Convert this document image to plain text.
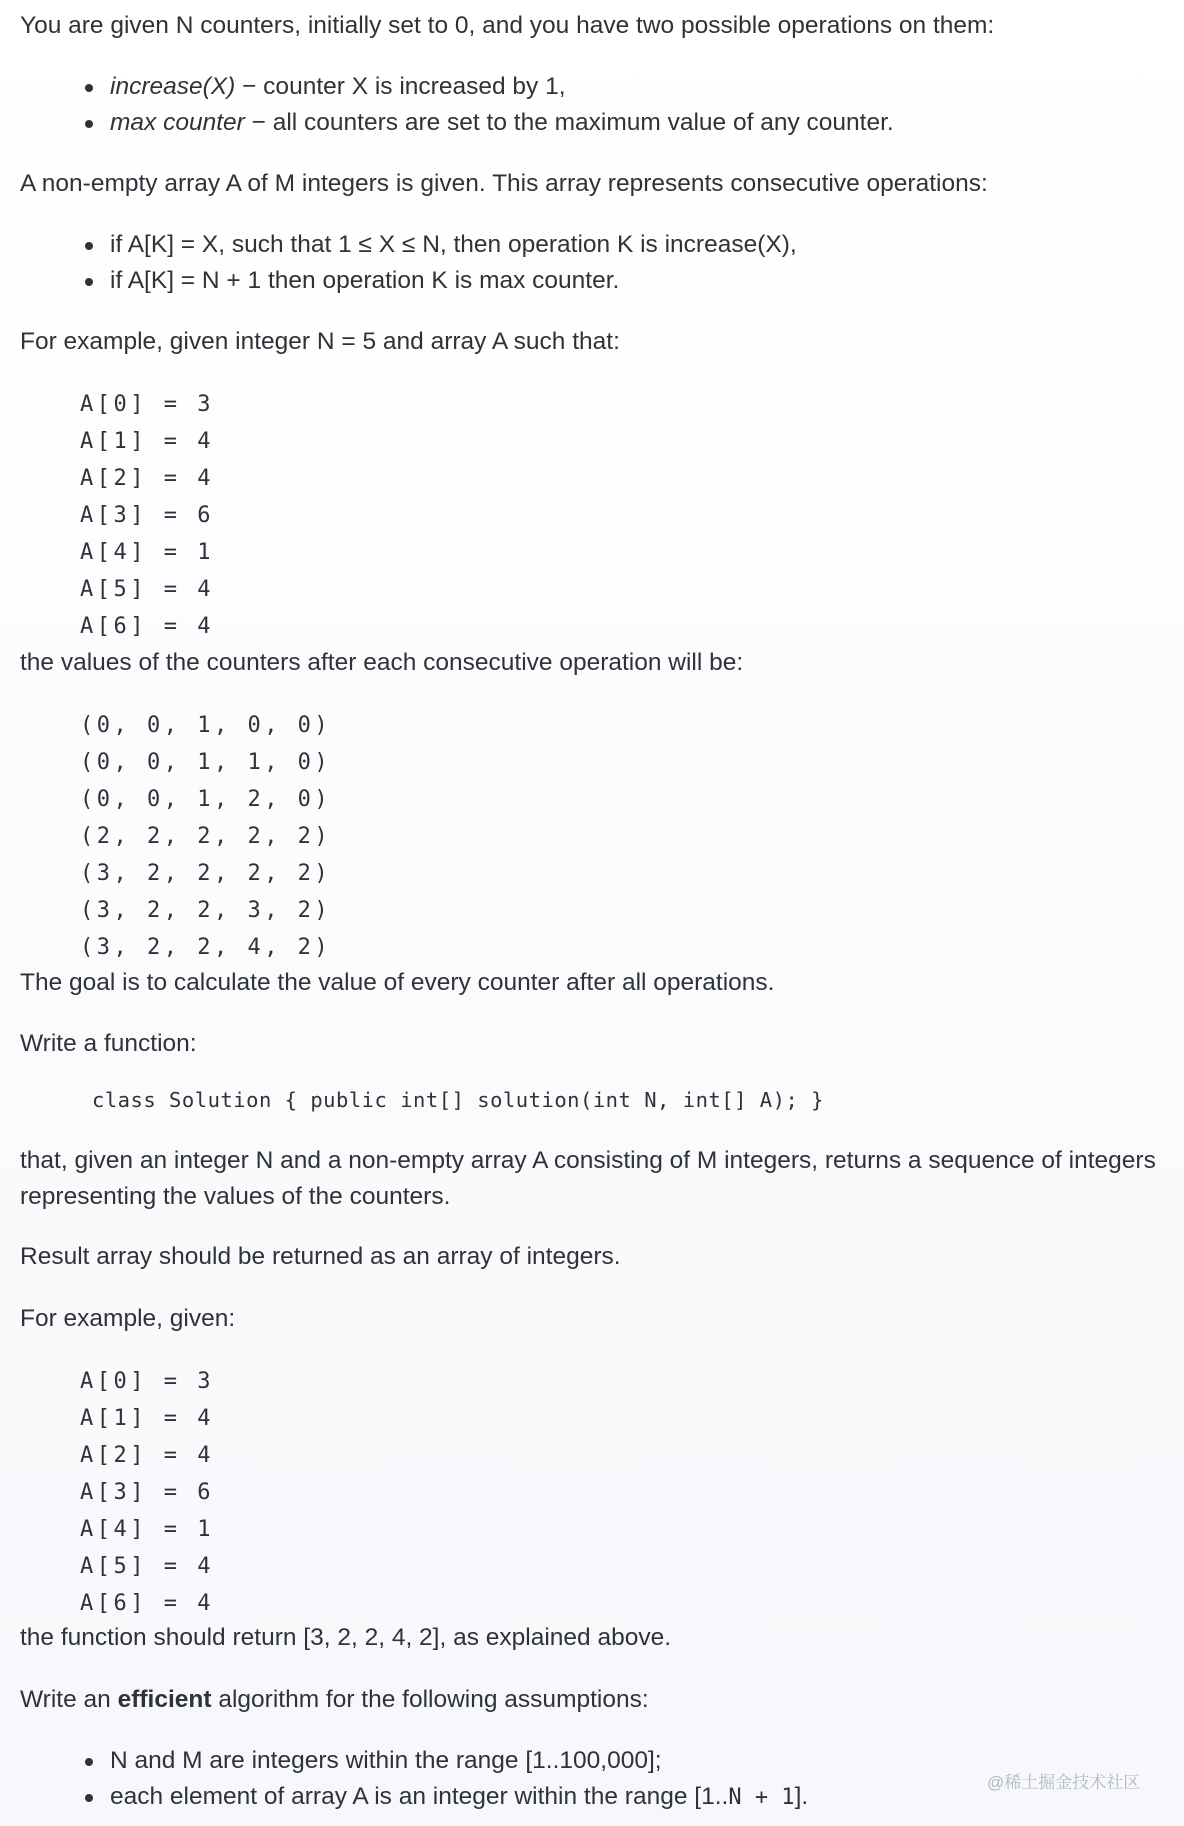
You are given N counters, initially set to 0, and you have two possible operations on them:

increase(X) − counter X is increased by 1,
max counter − all counters are set to the maximum value of any counter.

A non-empty array A of M integers is given. This array represents consecutive operations:

if A[K] = X, such that 1 ≤ X ≤ N, then operation K is increase(X),
if A[K] = N + 1 then operation K is max counter.

For example, given integer N = 5 and array A such that:

A[0] = 3
A[1] = 4
A[2] = 4
A[3] = 6
A[4] = 1
A[5] = 4
A[6] = 4

the values of the counters after each consecutive operation will be:

(0, 0, 1, 0, 0)
(0, 0, 1, 1, 0)
(0, 0, 1, 2, 0)
(2, 2, 2, 2, 2)
(3, 2, 2, 2, 2)
(3, 2, 2, 3, 2)
(3, 2, 2, 4, 2)

The goal is to calculate the value of every counter after all operations.

Write a function:

class Solution { public int[] solution(int N, int[] A); }

that, given an integer N and a non-empty array A consisting of M integers, returns a sequence of integers representing the values of the counters.

Result array should be returned as an array of integers.

For example, given:

A[0] = 3
A[1] = 4
A[2] = 4
A[3] = 6
A[4] = 1
A[5] = 4
A[6] = 4

the function should return [3, 2, 2, 4, 2], as explained above.

Write an efficient algorithm for the following assumptions:

N and M are integers within the range [1..100,000];
each element of array A is an integer within the range [1..N + 1].
@稀土掘金技术社区
